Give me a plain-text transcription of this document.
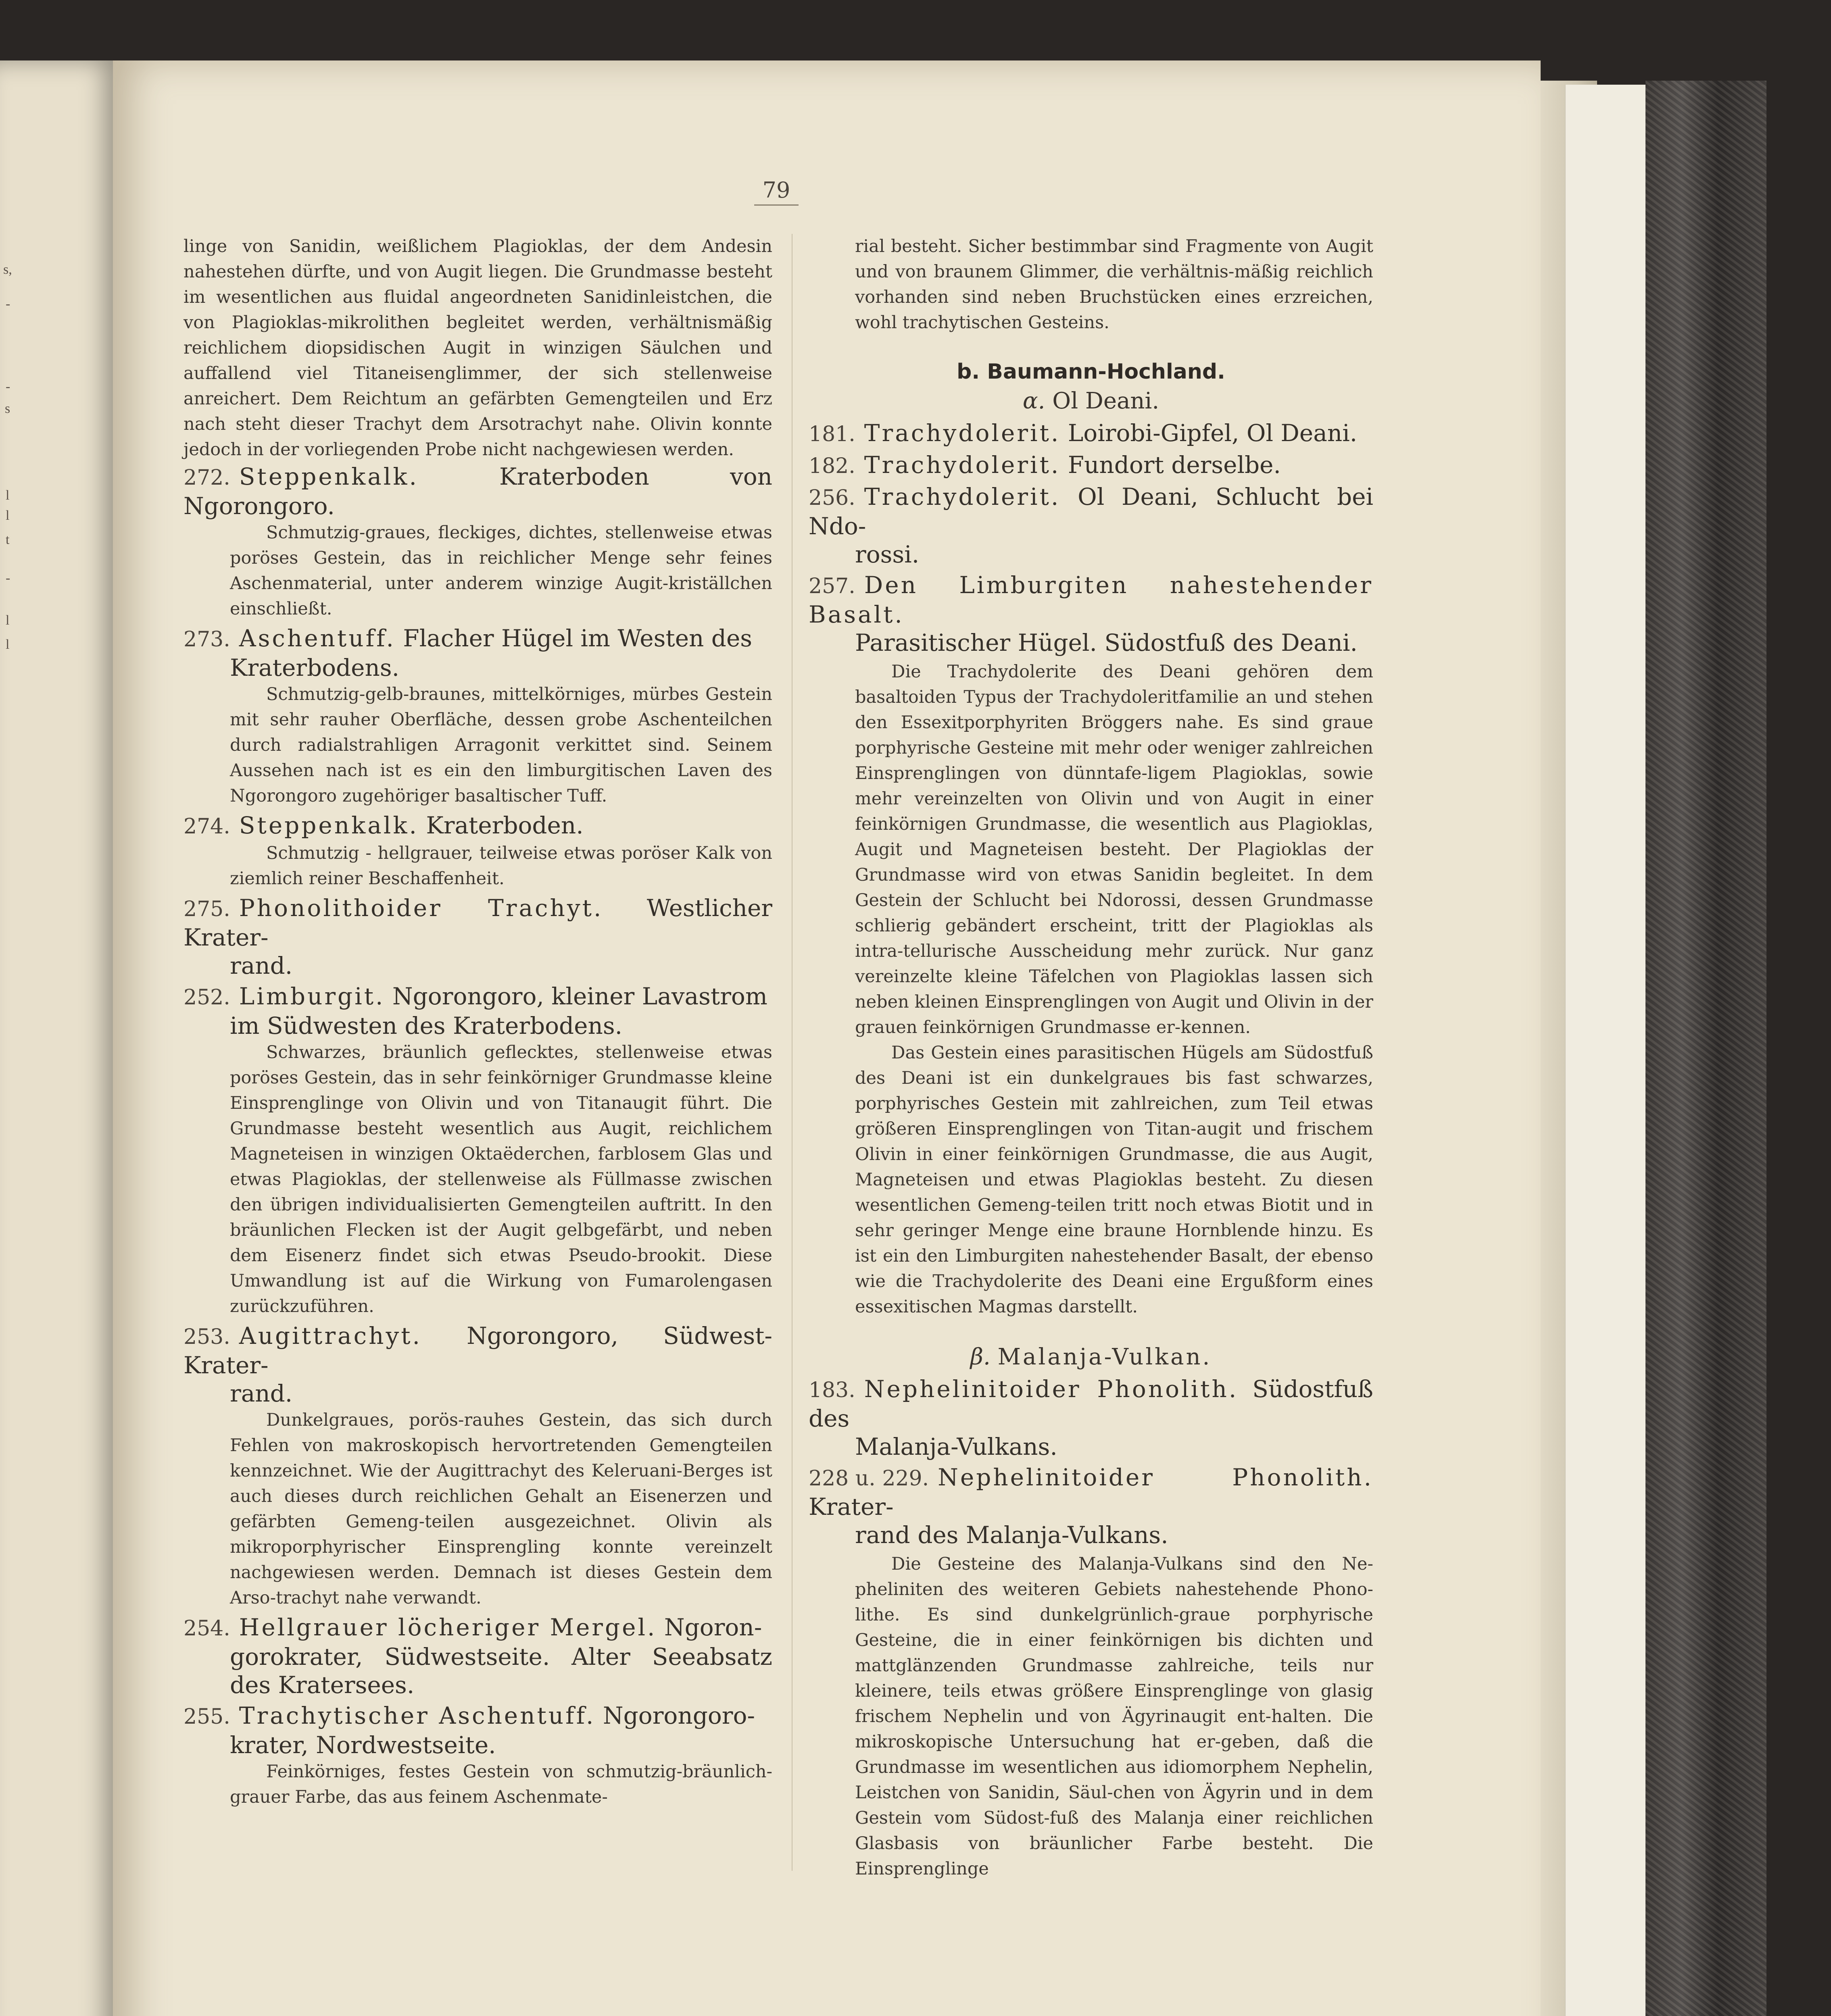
s,
-
-
s
l
l
t
-
l
l
79

linge von Sanidin, weißlichem Plagioklas, der dem Andesin nahestehen dürfte, und von Augit liegen. Die Grundmasse besteht im wesentlichen aus fluidal angeordneten Sanidinleistchen, die von Plagioklas-mikrolithen begleitet werden, verhältnismäßig reichlichem diopsidischen Augit in winzigen Säulchen und auffallend viel Titaneisenglimmer, der sich stellenweise anreichert. Dem Reichtum an gefärbten Gemengteilen und Erz nach steht dieser Trachyt dem Arsotrachyt nahe. Olivin konnte jedoch in der vorliegenden Probe nicht nachgewiesen werden.

272. Steppenkalk.	Kraterboden von Ngorongoro.

Schmutzig-graues, fleckiges, dichtes, stellenweise etwas poröses Gestein, das in reichlicher Menge sehr feines Aschenmaterial, unter anderem winzige Augit-kriställchen einschließt.

273. Aschentuff. Flacher Hügel im Westen des
Kraterbodens.

Schmutzig-gelb-braunes, mittelkörniges, mürbes Gestein mit sehr rauher Oberfläche, dessen grobe Aschenteilchen durch radialstrahligen Arragonit verkittet sind. Seinem Aussehen nach ist es ein den limburgitischen Laven des Ngorongoro zugehöriger basaltischer Tuff.

274. Steppenkalk. Kraterboden.

Schmutzig - hellgrauer, teilweise etwas poröser Kalk von ziemlich reiner Beschaffenheit.

275. Phonolithoider Trachyt. Westlicher Krater-
rand.
252. Limburgit. Ngorongoro, kleiner Lavastrom
im Südwesten des Kraterbodens.

Schwarzes, bräunlich geflecktes, stellenweise etwas poröses Gestein, das in sehr feinkörniger Grundmasse kleine Einsprenglinge von Olivin und von Titanaugit führt. Die Grundmasse besteht wesentlich aus Augit, reichlichem Magneteisen in winzigen Oktaëderchen, farblosem Glas und etwas Plagioklas, der stellenweise als Füllmasse zwischen den übrigen individualisierten Gemengteilen auftritt. In den bräunlichen Flecken ist der Augit gelbgefärbt, und neben dem Eisenerz findet sich etwas Pseudo-brookit. Diese Umwandlung ist auf die Wirkung von Fumarolengasen zurückzuführen.

253. Augittrachyt. Ngorongoro, Südwest-Krater-
rand.

Dunkelgraues, porös-rauhes Gestein, das sich durch Fehlen von makroskopisch hervortretenden Gemengteilen kennzeichnet. Wie der Augittrachyt des Keleruani-Berges ist auch dieses durch reichlichen Gehalt an Eisenerzen und gefärbten Gemeng-teilen ausgezeichnet. Olivin als mikroporphyrischer Einsprengling konnte vereinzelt nachgewiesen werden. Demnach ist dieses Gestein dem Arso-trachyt nahe verwandt.

254. Hellgrauer löcheriger Mergel. Ngoron-
gorokrater, Südwestseite. Alter Seeabsatz des Kratersees.
255. Trachytischer Aschentuff. Ngorongoro-
krater, Nordwestseite.

Feinkörniges, festes Gestein von schmutzig-bräunlich-grauer Farbe, das aus feinem Aschenmate-

rial besteht. Sicher bestimmbar sind Fragmente von Augit und von braunem Glimmer, die verhältnis-mäßig reichlich vorhanden sind neben Bruchstücken eines erzreichen, wohl trachytischen Gesteins.

b. Baumann-Hochland.
α. Ol Deani.
181. Trachydolerit. Loirobi-Gipfel, Ol Deani.
182. Trachydolerit. Fundort derselbe.
256. Trachydolerit. Ol Deani, Schlucht bei Ndo-
rossi.
257. Den Limburgiten nahestehender Basalt.
Parasitischer Hügel. Südostfuß des Deani.

Die Trachydolerite des Deani gehören dem basaltoiden Typus der Trachydoleritfamilie an und stehen den Essexitporphyriten Bröggers nahe. Es sind graue porphyrische Gesteine mit mehr oder weniger zahlreichen Einsprenglingen von dünntafe-ligem Plagioklas, sowie mehr vereinzelten von Olivin und von Augit in einer feinkörnigen Grundmasse, die wesentlich aus Plagioklas, Augit und Magneteisen besteht. Der Plagioklas der Grundmasse wird von etwas Sanidin begleitet. In dem Gestein der Schlucht bei Ndorossi, dessen Grundmasse schlierig gebändert erscheint, tritt der Plagioklas als intra-tellurische Ausscheidung mehr zurück. Nur ganz vereinzelte kleine Täfelchen von Plagioklas lassen sich neben kleinen Einsprenglingen von Augit und Olivin in der grauen feinkörnigen Grundmasse er-kennen.

Das Gestein eines parasitischen Hügels am Südostfuß des Deani ist ein dunkelgraues bis fast schwarzes, porphyrisches Gestein mit zahlreichen, zum Teil etwas größeren Einsprenglingen von Titan-augit und frischem Olivin in einer feinkörnigen Grundmasse, die aus Augit, Magneteisen und etwas Plagioklas besteht. Zu diesen wesentlichen Gemeng-teilen tritt noch etwas Biotit und in sehr geringer Menge eine braune Hornblende hinzu. Es ist ein den Limburgiten nahestehender Basalt, der ebenso wie die Trachydolerite des Deani eine Ergußform eines essexitischen Magmas darstellt.

β. Malanja-Vulkan.
183. Nephelinitoider Phonolith. Südostfuß des
Malanja-Vulkans.
228 u. 229. Nephelinitoider Phonolith. Krater-
rand des Malanja-Vulkans.

Die Gesteine des Malanja-Vulkans sind den Ne-pheliniten des weiteren Gebiets nahestehende Phono-lithe. Es sind dunkelgrünlich-graue porphyrische Gesteine, die in einer feinkörnigen bis dichten und mattglänzenden Grundmasse zahlreiche, teils nur kleinere, teils etwas größere Einsprenglinge von glasig frischem Nephelin und von Ägyrinaugit ent-halten. Die mikroskopische Untersuchung hat er-geben, daß die Grundmasse im wesentlichen aus idiomorphem Nephelin, Leistchen von Sanidin, Säul-chen von Ägyrin und in dem Gestein vom Südost-fuß des Malanja einer reichlichen Glasbasis von bräunlicher Farbe besteht. Die Einsprenglinge
